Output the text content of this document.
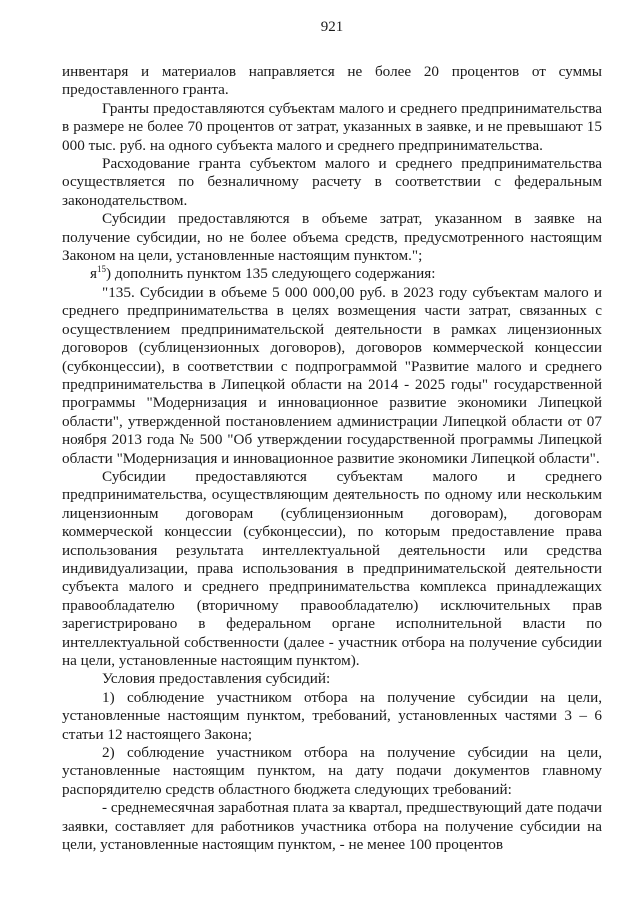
921

инвентаря и материалов направляется не более 20 процентов от суммы предоставленного гранта.

Гранты предоставляются субъектам малого и среднего предпринимательства в размере не более 70 процентов от затрат, указанных в заявке, и не превышают 15 000 тыс. руб. на одного субъекта малого и среднего предпринимательства.

Расходование гранта субъектом малого и среднего предпринимательства осуществляется по безналичному расчету в соответствии с федеральным законодательством.

Субсидии предоставляются в объеме затрат, указанном в заявке на получение субсидии, но не более объема средств, предусмотренного настоящим Законом на цели, установленные настоящим пунктом.";

$я^{15}$) дополнить пунктом 135 следующего содержания:

"135. Субсидии в объеме 5 000 000,00 руб. в 2023 году субъектам малого и среднего предпринимательства в целях возмещения части затрат, связанных с осуществлением предпринимательской деятельности в рамках лицензионных договоров (сублицензионных договоров), договоров коммерческой концессии (субконцессии), в соответствии с подпрограммой "Развитие малого и среднего предпринимательства в Липецкой области на 2014 - 2025 годы" государственной программы "Модернизация и инновационное развитие экономики Липецкой области", утвержденной постановлением администрации Липецкой области от 07 ноября 2013 года № 500 "Об утверждении государственной программы Липецкой области "Модернизация и инновационное развитие экономики Липецкой области".

Субсидии предоставляются субъектам малого и среднего предпринимательства, осуществляющим деятельность по одному или нескольким лицензионным договорам (сублицензионным договорам), договорам коммерческой концессии (субконцессии), по которым предоставление права использования результата интеллектуальной деятельности или средства индивидуализации, права использования в предпринимательской деятельности субъекта малого и среднего предпринимательства комплекса принадлежащих правообладателю (вторичному правообладателю) исключительных прав зарегистрировано в федеральном органе исполнительной власти по интеллектуальной собственности (далее - участник отбора на получение субсидии на цели, установленные настоящим пунктом).

Условия предоставления субсидий:

1) соблюдение участником отбора на получение субсидии на цели, установленные настоящим пунктом, требований, установленных частями 3 – 6 статьи 12 настоящего Закона;

2) соблюдение участником отбора на получение субсидии на цели, установленные настоящим пунктом, на дату подачи документов главному распорядителю средств областного бюджета следующих требований:

- среднемесячная заработная плата за квартал, предшествующий дате подачи заявки, составляет для работников участника отбора на получение субсидии на цели, установленные настоящим пунктом, - не менее 100 процентов
